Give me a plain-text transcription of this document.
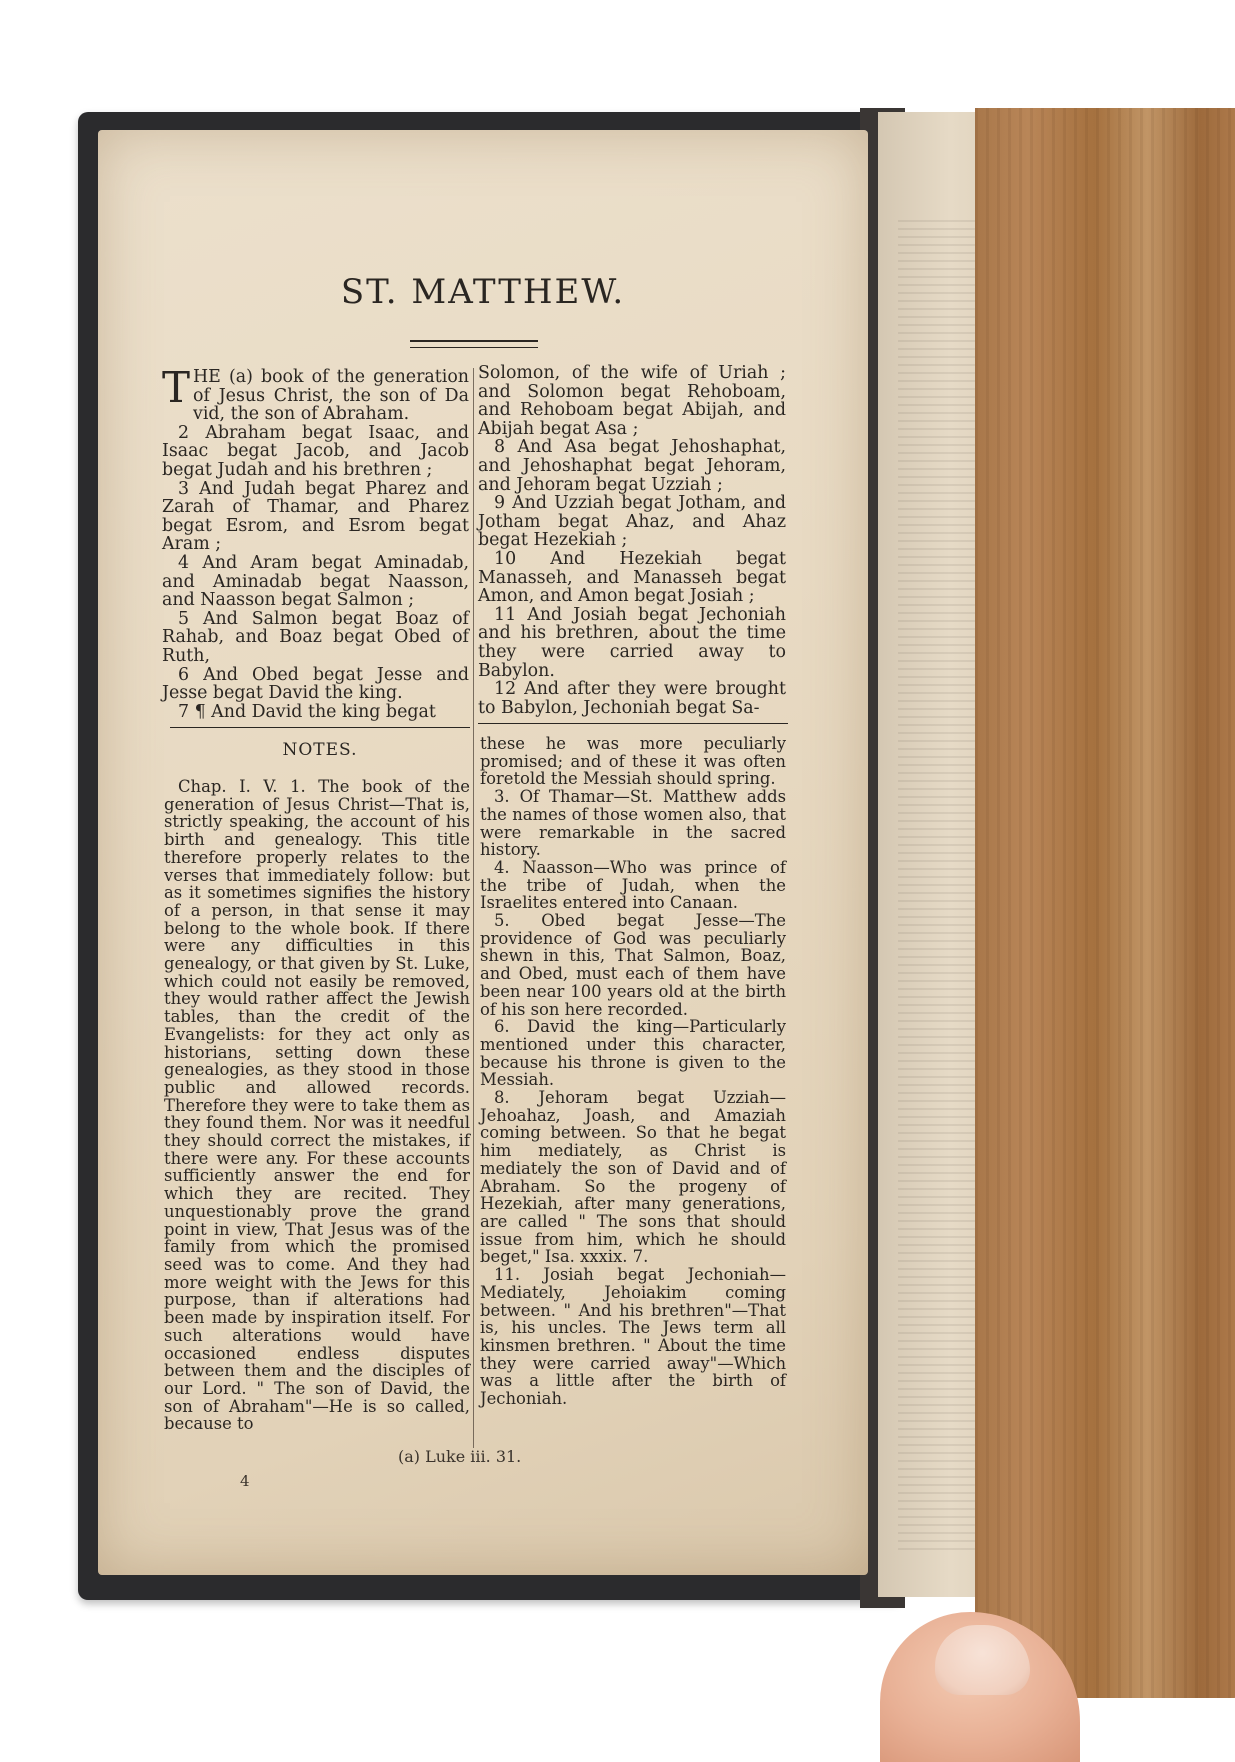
ST. MATTHEW.

THE (a) book of the generation of Jesus Christ, the son of Da vid, the son of Abraham.

2 Abraham begat Isaac, and Isaac begat Jacob, and Jacob begat Judah and his brethren ;

3 And Judah begat Pharez and Zarah of Thamar, and Pharez begat Esrom, and Esrom begat Aram ;

4 And Aram begat Aminadab, and Aminadab begat Naasson, and Naasson begat Salmon ;

5 And Salmon begat Boaz of Rahab, and Boaz begat Obed of Ruth,

6 And Obed begat Jesse and Jesse begat David the king.

7 ¶ And David the king begat

Solomon, of the wife of Uriah ; and Solomon begat Rehoboam, and Rehoboam begat Abijah, and Abijah begat Asa ;

8 And Asa begat Jehoshaphat, and Jehoshaphat begat Jehoram, and Jehoram begat Uzziah ;

9 And Uzziah begat Jotham, and Jotham begat Ahaz, and Ahaz begat Hezekiah ;

10 And Hezekiah begat Manasseh, and Manasseh begat Amon, and Amon begat Josiah ;

11 And Josiah begat Jechoniah and his brethren, about the time they were carried away to Babylon.

12 And after they were brought to Babylon, Jechoniah begat Sa-

NOTES.

Chap. I. V. 1. The book of the generation of Jesus Christ—That is, strictly speaking, the account of his birth and genealogy. This title therefore properly relates to the verses that immediately follow: but as it sometimes signifies the history of a person, in that sense it may belong to the whole book. If there were any difficulties in this genealogy, or that given by St. Luke, which could not easily be removed, they would rather affect the Jewish tables, than the credit of the Evangelists: for they act only as historians, setting down these genealogies, as they stood in those public and allowed records. Therefore they were to take them as they found them. Nor was it needful they should correct the mistakes, if there were any. For these accounts sufficiently answer the end for which they are recited. They unquestionably prove the grand point in view, That Jesus was of the family from which the promised seed was to come. And they had more weight with the Jews for this purpose, than if alterations had been made by inspiration itself. For such alterations would have occasioned endless disputes between them and the disciples of our Lord. " The son of David, the son of Abraham"—He is so called, because to

these he was more peculiarly promised; and of these it was often foretold the Messiah should spring.

3. Of Thamar—St. Matthew adds the names of those women also, that were remarkable in the sacred history.

4. Naasson—Who was prince of the tribe of Judah, when the Israelites entered into Canaan.

5. Obed begat Jesse—The providence of God was peculiarly shewn in this, That Salmon, Boaz, and Obed, must each of them have been near 100 years old at the birth of his son here recorded.

6. David the king—Particularly mentioned under this character, because his throne is given to the Messiah.

8. Jehoram begat Uzziah—Jehoahaz, Joash, and Amaziah coming between. So that he begat him mediately, as Christ is mediately the son of David and of Abraham. So the progeny of Hezekiah, after many generations, are called " The sons that should issue from him, which he should beget," Isa. xxxix. 7.

11. Josiah begat Jechoniah—Mediately, Jehoiakim coming between. " And his brethren"—That is, his uncles. The Jews term all kinsmen brethren. " About the time they were carried away"—Which was a little after the birth of Jechoniah.

(a) Luke iii. 31.
4
